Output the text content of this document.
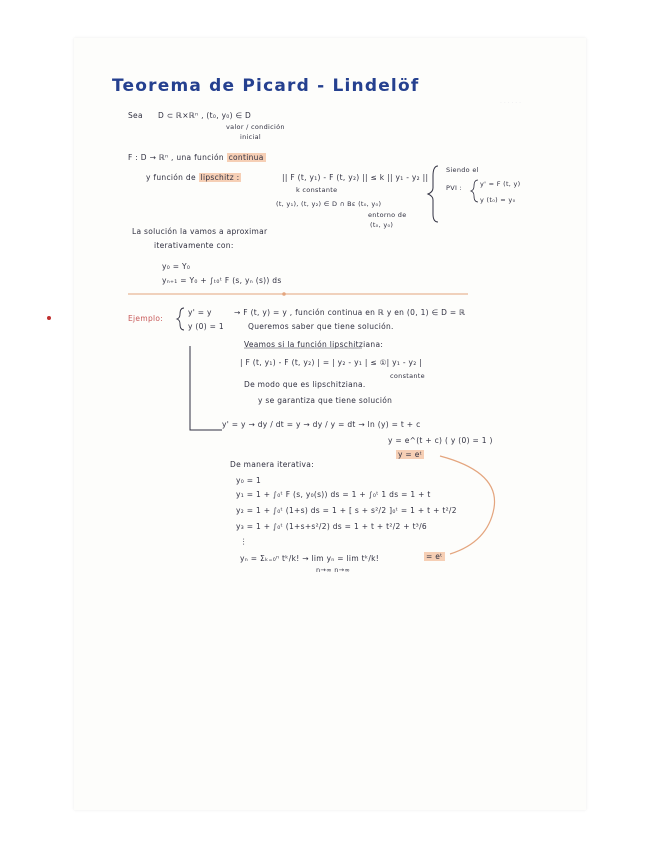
· · · · · ·
Teorema de Picard - Lindelöf
Sea D ⊂ ℝ×ℝⁿ , (t₀, y₀) ∈ D
valor / condición
inicial
F : D → ℝⁿ , una función continua
y función de lipschitz :	|| F (t, y₁) - F (t, y₂) || ≤ k || y₁ - y₂ ||
k constante
(t, y₁), (t, y₂) ∈ D ∩ Bε (t₀, y₀)
entorno de
(t₀, y₀)
Siendo el
PVI :	y' = F (t, y)
y (t₀) = y₀
La solución la vamos a aproximar
iterativamente con:
y₀ = Y₀
yₙ₊₁ = Y₀ + ∫ₜ₀ᵗ F (s, yₙ (s)) ds
Ejemplo:
y' = y
y (0) = 1
→ F (t, y) = y , función continua en ℝ y en (0, 1) ∈ D = ℝ
Queremos saber que tiene solución.
Veamos si la función lipschitziana:
| F (t, y₁) - F (t, y₂) | = | y₂ - y₁ | ≤ ①| y₁ - y₂ |
constante
De modo que es lipschitziana.
y se garantiza que tiene solución
y' = y → dy / dt = y → dy / y = dt → ln (y) = t + c
y = e^(t + c) ( y (0) = 1 )
y = eᵗ
De manera iterativa:
y₀ = 1
y₁ = 1 + ∫₀ᵗ F (s, y₀(s)) ds = 1 + ∫₀ᵗ 1 ds = 1 + t
y₂ = 1 + ∫₀ᵗ (1+s) ds = 1 + [ s + s²/2 ]₀ᵗ = 1 + t + t²/2
y₃ = 1 + ∫₀ᵗ (1+s+s²/2) ds = 1 + t + t²/2 + t³/6
⋮
yₙ = Σₖ₌₀ⁿ tᵏ/k! → lim yₙ = lim tᵏ/k!
n→∞ n→∞
= eᵗ
